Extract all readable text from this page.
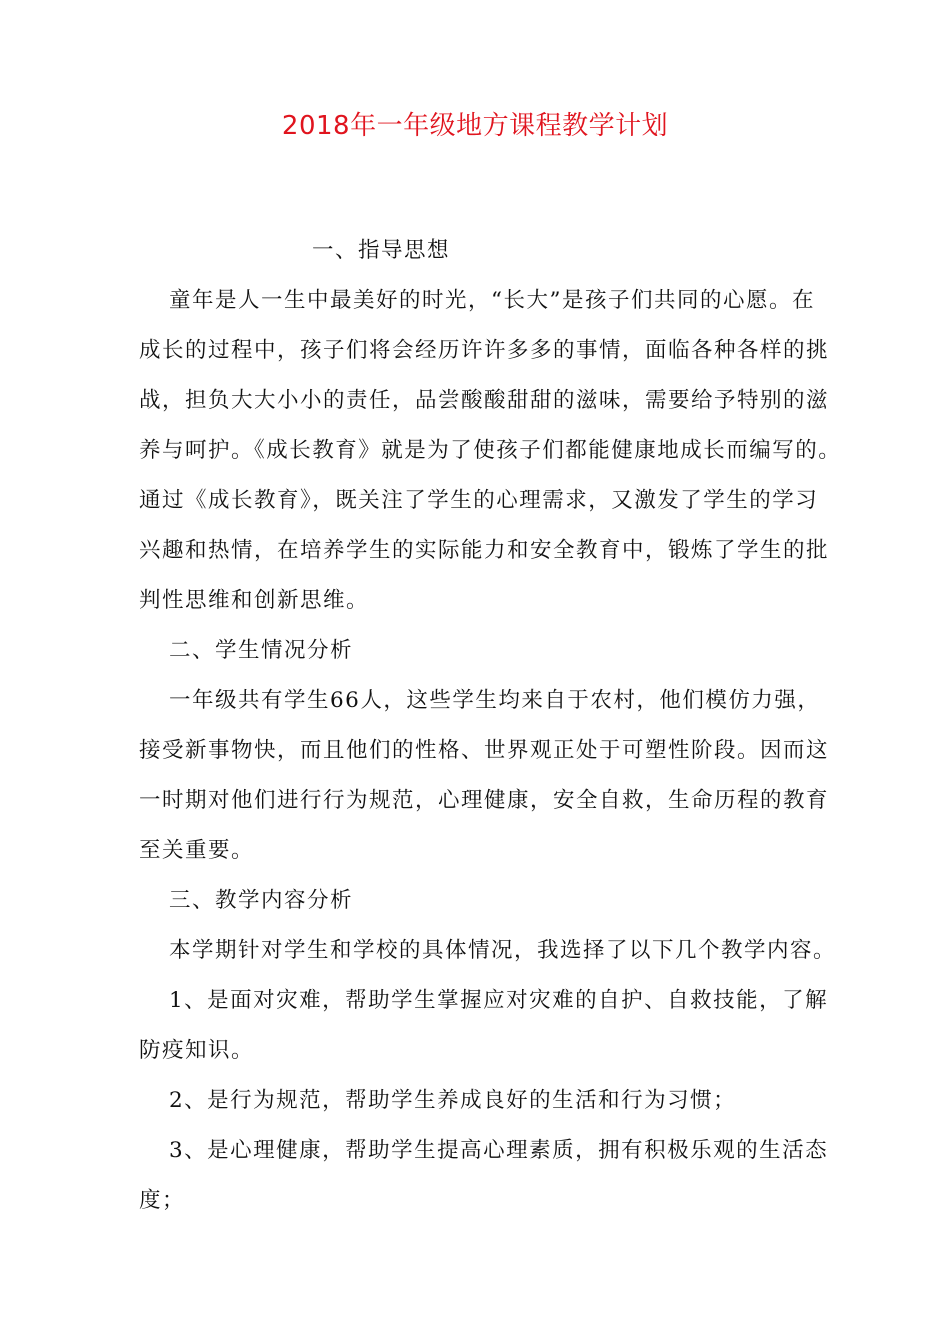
2018年一年级地方课程教学计划
一、指导思想
童年是人一生中最美好的时光，“长大”是孩子们共同的心愿。在
成长的过程中，孩子们将会经历许许多多的事情，面临各种各样的挑
战，担负大大小小的责任，品尝酸酸甜甜的滋味，需要给予特别的滋
养与呵护。《成长教育》就是为了使孩子们都能健康地成长而编写的。
通过《成长教育》，既关注了学生的心理需求，又激发了学生的学习
兴趣和热情，在培养学生的实际能力和安全教育中，锻炼了学生的批
判性思维和创新思维。
二、学生情况分析
一年级共有学生66人，这些学生均来自于农村，他们模仿力强，
接受新事物快，而且他们的性格、世界观正处于可塑性阶段。因而这
一时期对他们进行行为规范，心理健康，安全自救，生命历程的教育
至关重要。
三、教学内容分析
本学期针对学生和学校的具体情况，我选择了以下几个教学内容。
1、是面对灾难，帮助学生掌握应对灾难的自护、自救技能，了解
防疫知识。
2、是行为规范，帮助学生养成良好的生活和行为习惯；
3、是心理健康，帮助学生提高心理素质，拥有积极乐观的生活态
度；
